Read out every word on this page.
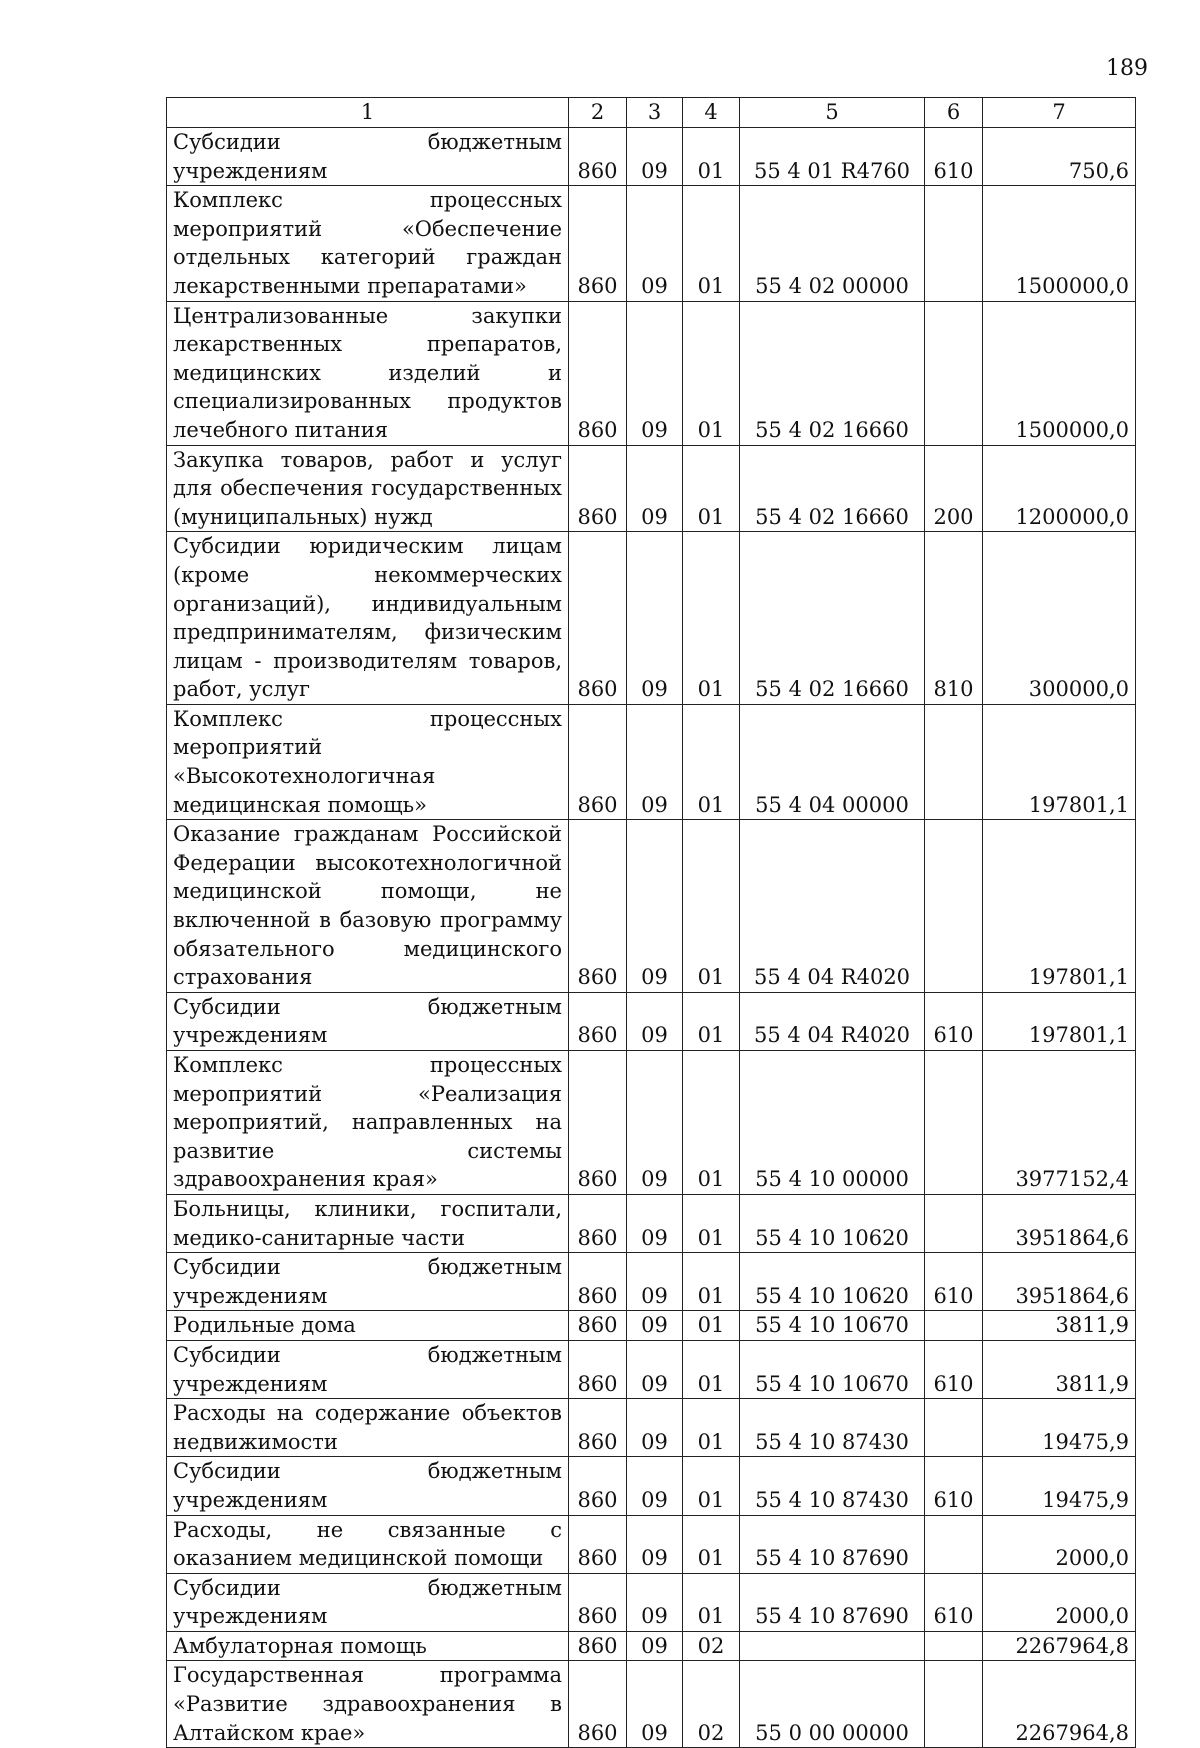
189
1	2	3	4	5	6	7
Субсидии бюджетным учреждениям	860	09	01	55 4 01 R4760	610	750,6
Комплекс процессных мероприятий «Обеспечение отдельных категорий граждан лекарственными препаратами»	860	09	01	55 4 02 00000		1500000,0
Централизованные закупки лекарственных препаратов, медицинских изделий и специализированных продуктов лечебного питания	860	09	01	55 4 02 16660		1500000,0
Закупка товаров, работ и услуг для обеспечения государственных (муниципальных) нужд	860	09	01	55 4 02 16660	200	1200000,0
Субсидии юридическим лицам (кроме некоммерческих организаций), индивидуальным предпринимателям, физическим лицам - производителям товаров, работ, услуг	860	09	01	55 4 02 16660	810	300000,0
Комплекс процессных мероприятий «Высокотехнологичная медицинская помощь»	860	09	01	55 4 04 00000		197801,1
Оказание гражданам Российской Федерации высокотехнологичной медицинской помощи, не включенной в базовую программу обязательного медицинского страхования	860	09	01	55 4 04 R4020		197801,1
Субсидии бюджетным учреждениям	860	09	01	55 4 04 R4020	610	197801,1
Комплекс процессных мероприятий «Реализация мероприятий, направленных на развитие системы здравоохранения края»	860	09	01	55 4 10 00000		3977152,4
Больницы, клиники, госпитали, медико-санитарные части	860	09	01	55 4 10 10620		3951864,6
Субсидии бюджетным учреждениям	860	09	01	55 4 10 10620	610	3951864,6
Родильные дома	860	09	01	55 4 10 10670		3811,9
Субсидии бюджетным учреждениям	860	09	01	55 4 10 10670	610	3811,9
Расходы на содержание объектов недвижимости	860	09	01	55 4 10 87430		19475,9
Субсидии бюджетным учреждениям	860	09	01	55 4 10 87430	610	19475,9
Расходы, не связанные с оказанием медицинской помощи	860	09	01	55 4 10 87690		2000,0
Субсидии бюджетным учреждениям	860	09	01	55 4 10 87690	610	2000,0
Амбулаторная помощь	860	09	02			2267964,8
Государственная программа «Развитие здравоохранения в Алтайском крае»	860	09	02	55 0 00 00000		2267964,8
